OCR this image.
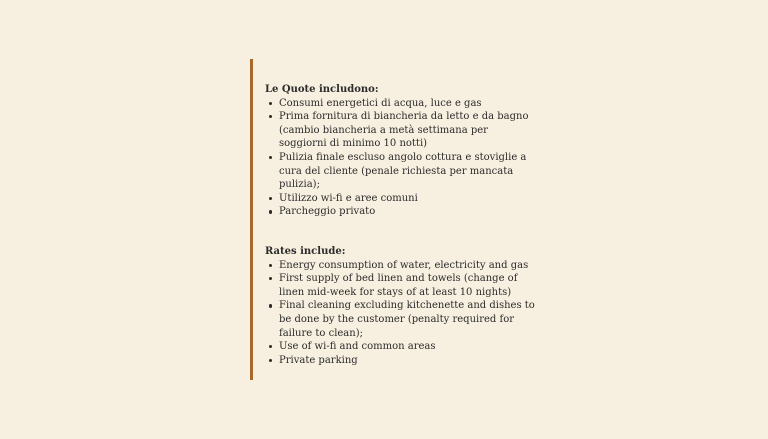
Le Quote includono:

Consumi energetici di acqua, luce e gas
Prima fornitura di biancheria da letto e da bagno (cambio biancheria a metà settimana per soggiorni di minimo 10 notti)
Pulizia finale escluso angolo cottura e stoviglie a cura del cliente (penale richiesta per mancata pulizia);
Utilizzo wi-fi e aree comuni
Parcheggio privato

Rates include:

Energy consumption of water, electricity and gas
First supply of bed linen and towels (change of linen mid-week for stays of at least 10 nights)
Final cleaning excluding kitchenette and dishes to be done by the customer (penalty required for failure to clean);
Use of wi-fi and common areas
Private parking
